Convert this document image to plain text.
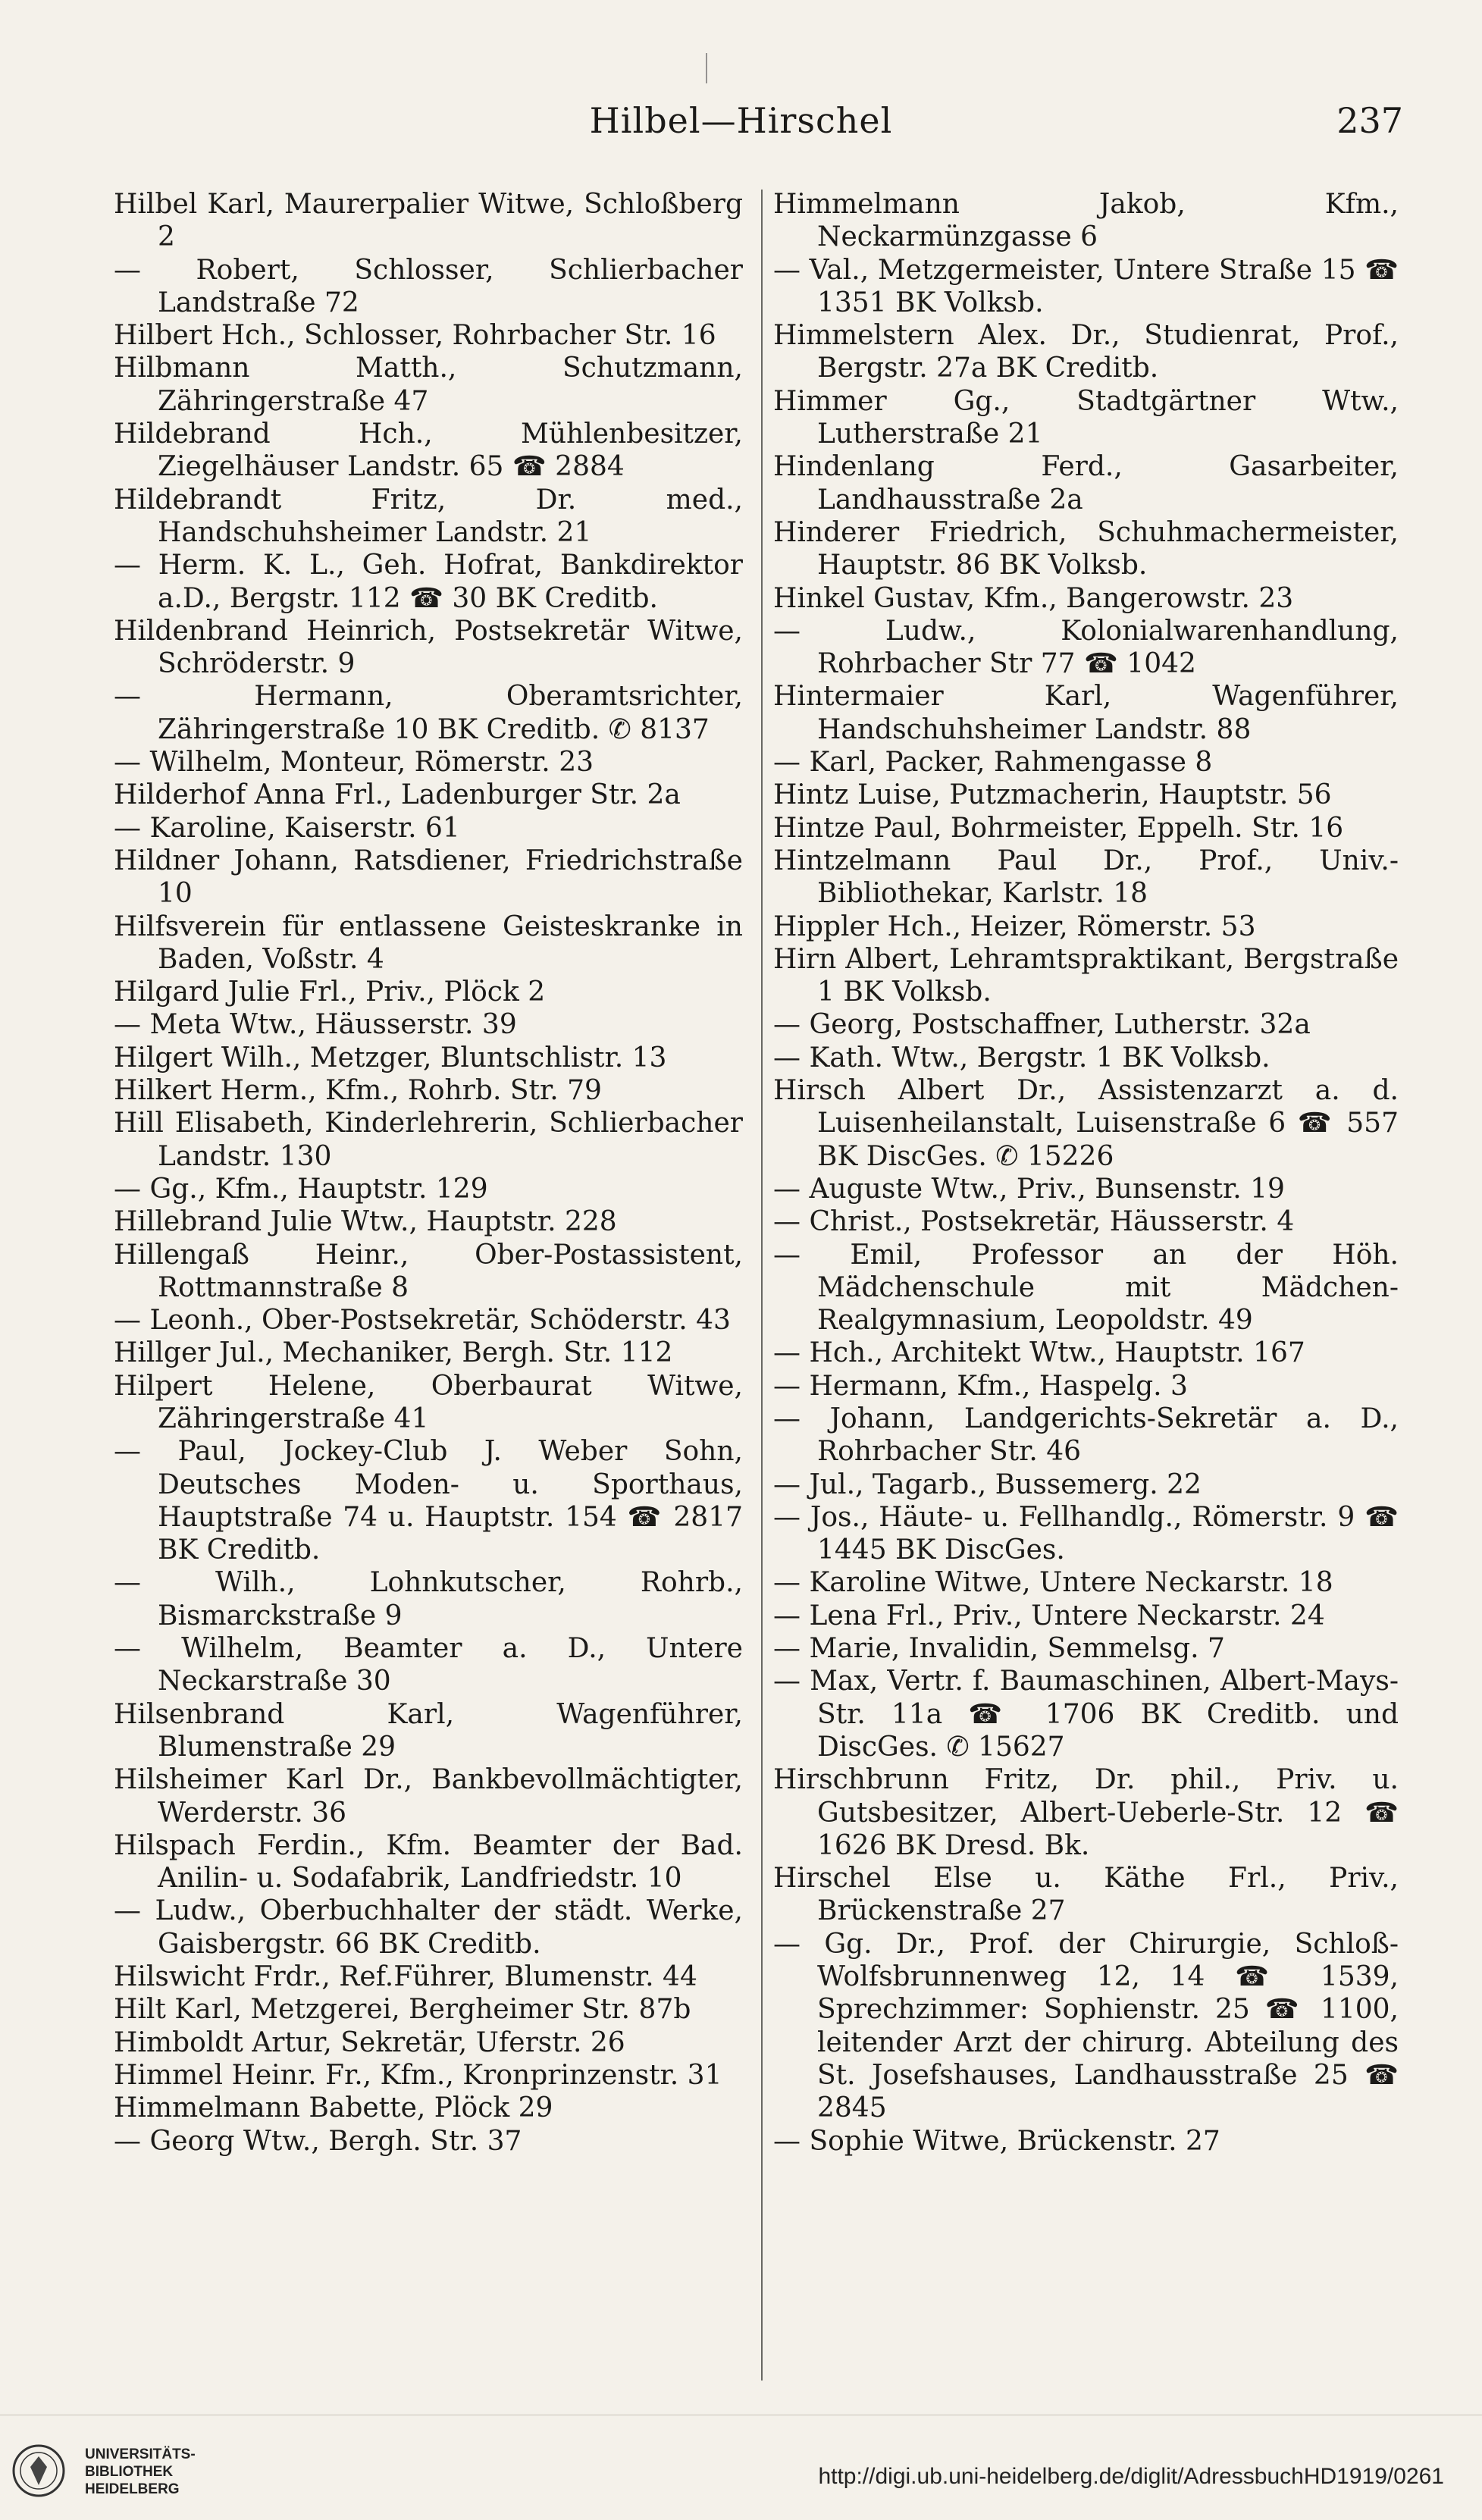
Hilbel—Hirschel	237
Hilbel Karl, Maurerpalier Witwe, Schloßberg 2
— Robert, Schlosser, Schlierbacher Landstraße 72
Hilbert Hch., Schlosser, Rohrbacher Str. 16
Hilbmann Matth., Schutzmann, Zähringerstraße 47
Hildebrand Hch., Mühlenbesitzer, Ziegelhäuser Landstr. 65 ☎ 2884
Hildebrandt Fritz, Dr. med., Handschuhsheimer Landstr. 21
— Herm. K. L., Geh. Hofrat, Bankdirektor a.D., Bergstr. 112 ☎ 30 BK Creditb.
Hildenbrand Heinrich, Postsekretär Witwe, Schröderstr. 9
— Hermann, Oberamtsrichter, Zähringerstraße 10 BK Creditb. ✆ 8137
— Wilhelm, Monteur, Römerstr. 23
Hilderhof Anna Frl., Ladenburger Str. 2a
— Karoline, Kaiserstr. 61
Hildner Johann, Ratsdiener, Friedrichstraße 10
Hilfsverein für entlassene Geisteskranke in Baden, Voßstr. 4
Hilgard Julie Frl., Priv., Plöck 2
— Meta Wtw., Häusserstr. 39
Hilgert Wilh., Metzger, Bluntschlistr. 13
Hilkert Herm., Kfm., Rohrb. Str. 79
Hill Elisabeth, Kinderlehrerin, Schlierbacher Landstr. 130
— Gg., Kfm., Hauptstr. 129
Hillebrand Julie Wtw., Hauptstr. 228
Hillengaß Heinr., Ober-Postassistent, Rottmannstraße 8
— Leonh., Ober-Postsekretär, Schöderstr. 43
Hillger Jul., Mechaniker, Bergh. Str. 112
Hilpert Helene, Oberbaurat Witwe, Zähringerstraße 41
— Paul, Jockey-Club J. Weber Sohn, Deutsches Moden- u. Sporthaus, Hauptstraße 74 u. Hauptstr. 154 ☎ 2817 BK Creditb.
— Wilh., Lohnkutscher, Rohrb., Bismarckstraße 9
— Wilhelm, Beamter a. D., Untere Neckarstraße 30
Hilsenbrand Karl, Wagenführer, Blumenstraße 29
Hilsheimer Karl Dr., Bankbevollmächtigter, Werderstr. 36
Hilspach Ferdin., Kfm. Beamter der Bad. Anilin- u. Sodafabrik, Landfriedstr. 10
— Ludw., Oberbuchhalter der städt. Werke, Gaisbergstr. 66 BK Creditb.
Hilswicht Frdr., Ref.Führer, Blumenstr. 44
Hilt Karl, Metzgerei, Bergheimer Str. 87b
Himboldt Artur, Sekretär, Uferstr. 26
Himmel Heinr. Fr., Kfm., Kronprinzenstr. 31
Himmelmann Babette, Plöck 29
— Georg Wtw., Bergh. Str. 37
Himmelmann Jakob, Kfm., Neckarmünzgasse 6
— Val., Metzgermeister, Untere Straße 15 ☎ 1351 BK Volksb.
Himmelstern Alex. Dr., Studienrat, Prof., Bergstr. 27a BK Creditb.
Himmer Gg., Stadtgärtner Wtw., Lutherstraße 21
Hindenlang Ferd., Gasarbeiter, Landhausstraße 2a
Hinderer Friedrich, Schuhmachermeister, Hauptstr. 86 BK Volksb.
Hinkel Gustav, Kfm., Bangerowstr. 23
— Ludw., Kolonialwarenhandlung, Rohrbacher Str 77 ☎ 1042
Hintermaier Karl, Wagenführer, Handschuhsheimer Landstr. 88
— Karl, Packer, Rahmengasse 8
Hintz Luise, Putzmacherin, Hauptstr. 56
Hintze Paul, Bohrmeister, Eppelh. Str. 16
Hintzelmann Paul Dr., Prof., Univ.-Bibliothekar, Karlstr. 18
Hippler Hch., Heizer, Römerstr. 53
Hirn Albert, Lehramtspraktikant, Bergstraße 1 BK Volksb.
— Georg, Postschaffner, Lutherstr. 32a
— Kath. Wtw., Bergstr. 1 BK Volksb.
Hirsch Albert Dr., Assistenzarzt a. d. Luisenheilanstalt, Luisenstraße 6 ☎ 557 BK DiscGes. ✆ 15226
— Auguste Wtw., Priv., Bunsenstr. 19
— Christ., Postsekretär, Häusserstr. 4
— Emil, Professor an der Höh. Mädchenschule mit Mädchen-Realgymnasium, Leopoldstr. 49
— Hch., Architekt Wtw., Hauptstr. 167
— Hermann, Kfm., Haspelg. 3
— Johann, Landgerichts-Sekretär a. D., Rohrbacher Str. 46
— Jul., Tagarb., Bussemerg. 22
— Jos., Häute- u. Fellhandlg., Römerstr. 9 ☎ 1445 BK DiscGes.
— Karoline Witwe, Untere Neckarstr. 18
— Lena Frl., Priv., Untere Neckarstr. 24
— Marie, Invalidin, Semmelsg. 7
— Max, Vertr. f. Baumaschinen, Albert-Mays-Str. 11a ☎ 1706 BK Creditb. und DiscGes. ✆ 15627
Hirschbrunn Fritz, Dr. phil., Priv. u. Gutsbesitzer, Albert-Ueberle-Str. 12 ☎ 1626 BK Dresd. Bk.
Hirschel Else u. Käthe Frl., Priv., Brückenstraße 27
— Gg. Dr., Prof. der Chirurgie, Schloß-Wolfsbrunnenweg 12, 14 ☎ 1539, Sprechzimmer: Sophienstr. 25 ☎ 1100, leitender Arzt der chirurg. Abteilung des St. Josefshauses, Landhausstraße 25 ☎ 2845
— Sophie Witwe, Brückenstr. 27
UNIVERSITÄTS-
BIBLIOTHEK
HEIDELBERG
http://digi.ub.uni-heidelberg.de/diglit/AdressbuchHD1919/0261
